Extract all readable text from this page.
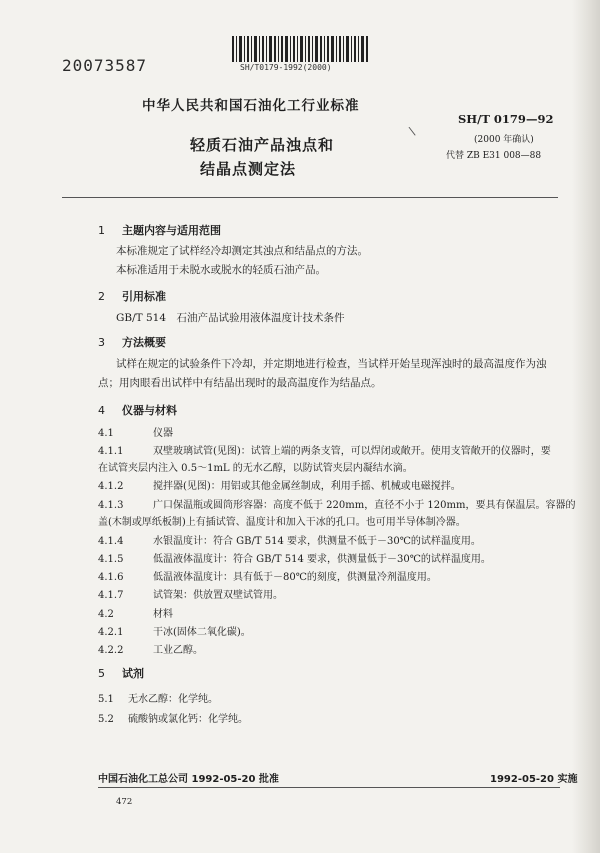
20073587	SH/T0179-1992(2000)
中华人民共和国石油化工行业标准
轻质石油产品浊点和
结晶点测定法
SH/T 0179—92
(2000 年确认)
代替 ZB E31 008—88
\
1 主题内容与适用范围
本标准规定了试样经冷却测定其浊点和结晶点的方法。
本标准适用于未脱水或脱水的轻质石油产品。
2 引用标准
GB/T 514　石油产品试验用液体温度计技术条件
3 方法概要
试样在规定的试验条件下冷却，并定期地进行检查，当试样开始呈现浑浊时的最高温度作为浊
点；用肉眼看出试样中有结晶出现时的最高温度作为结晶点。
4 仪器与材料
4.1	仪器
4.1.1	双壁玻璃试管(见图)：试管上端的两条支管，可以焊闭或敞开。使用支管敞开的仪器时，要
在试管夹层内注入 0.5～1mL 的无水乙醇，以防试管夹层内凝结水滴。
4.1.2	搅拌器(见图)：用铝或其他金属丝制成，利用手摇、机械或电磁搅拌。
4.1.3	广口保温瓶或圆筒形容器：高度不低于 220mm，直径不小于 120mm，要具有保温层。容器的
盖(木制或厚纸板制)上有插试管、温度计和加入干冰的孔口。也可用半导体制冷器。
4.1.4	水银温度计：符合 GB/T 514 要求，供测量不低于－30℃的试样温度用。
4.1.5	低温液体温度计：符合 GB/T 514 要求，供测量低于－30℃的试样温度用。
4.1.6	低温液体温度计：具有低于－80℃的刻度，供测量冷剂温度用。
4.1.7	试管架：供放置双壁试管用。
4.2	材料
4.2.1	干冰(固体二氧化碳)。
4.2.2	工业乙醇。
5 试剂
5.1 无水乙醇：化学纯。
5.2 硫酸钠或氯化钙：化学纯。
中国石油化工总公司 1992-05-20 批准	1992-05-20 实施
472
